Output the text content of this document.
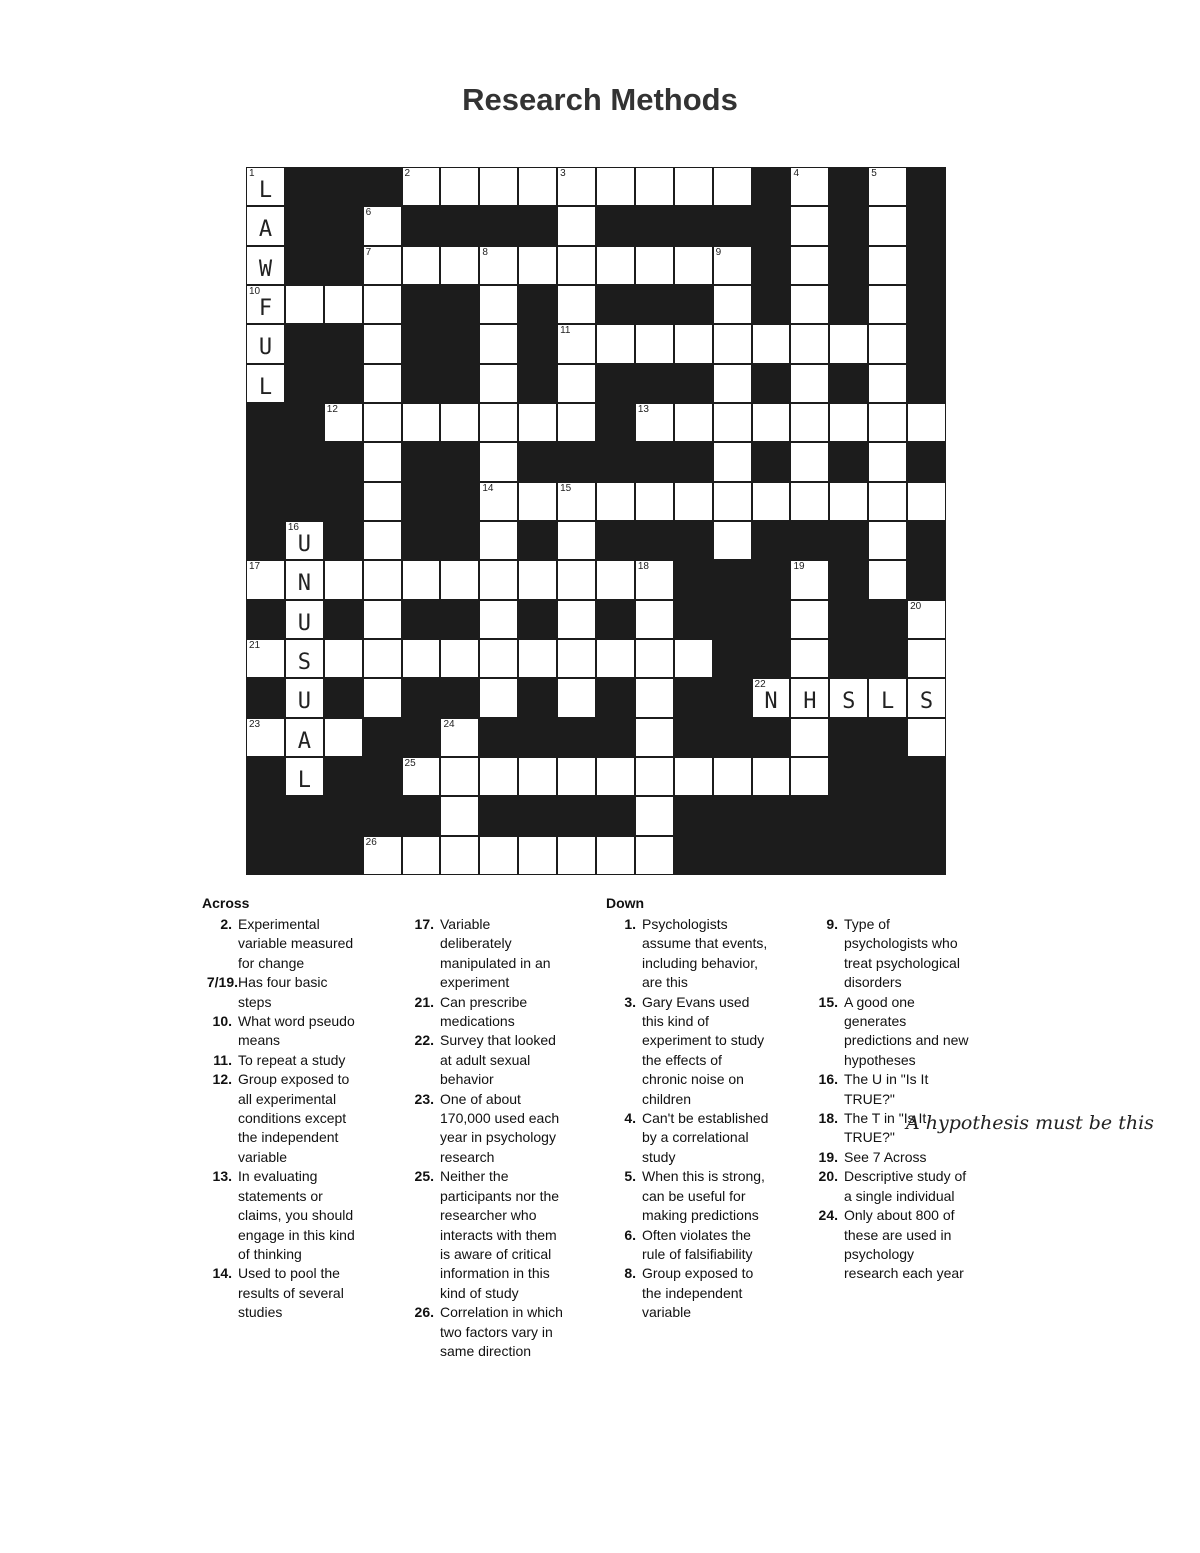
Research Methods
2	3	4	5
6
7	8	9
11
12	13
14	15
18	19
20
24
1
L
A
W
10
F
U
L
16
U
N
U
S
U
A
L
22
N	H	S	L	S
17
21
23
25
26
Across
2. Experimental
variable measured
for change
7/19. Has four basic
steps
10. What word pseudo
means
11. To repeat a study
12. Group exposed to
all experimental
conditions except
the independent
variable
13. In evaluating
statements or
claims, you should
engage in this kind
of thinking
14. Used to pool the
results of several
studies
17. Variable
deliberately
manipulated in an
experiment
21. Can prescribe
medications
22. Survey that looked
at adult sexual
behavior
23. One of about
170,000 used each
year in psychology
research
25. Neither the
participants nor the
researcher who
interacts with them
is aware of critical
information in this
kind of study
26. Correlation in which
two factors vary in
same direction
Down
1. Psychologists
assume that events,
including behavior,
are this
3. Gary Evans used
this kind of
experiment to study
the effects of
chronic noise on
children
4. Can't be established
by a correlational
study
5. When this is strong,
can be useful for
making predictions
6. Often violates the
rule of falsifiability
8. Group exposed to
the independent
variable
9. Type of
psychologists who
treat psychological
disorders
15. A good one
generates
predictions and new
hypotheses
16. The U in "Is It
TRUE?"
18. The T in "Is It
TRUE?"
19. See 7 Across
20. Descriptive study of
a single individual
24. Only about 800 of
these are used in
psychology
research each year
A hypothesis must be this
